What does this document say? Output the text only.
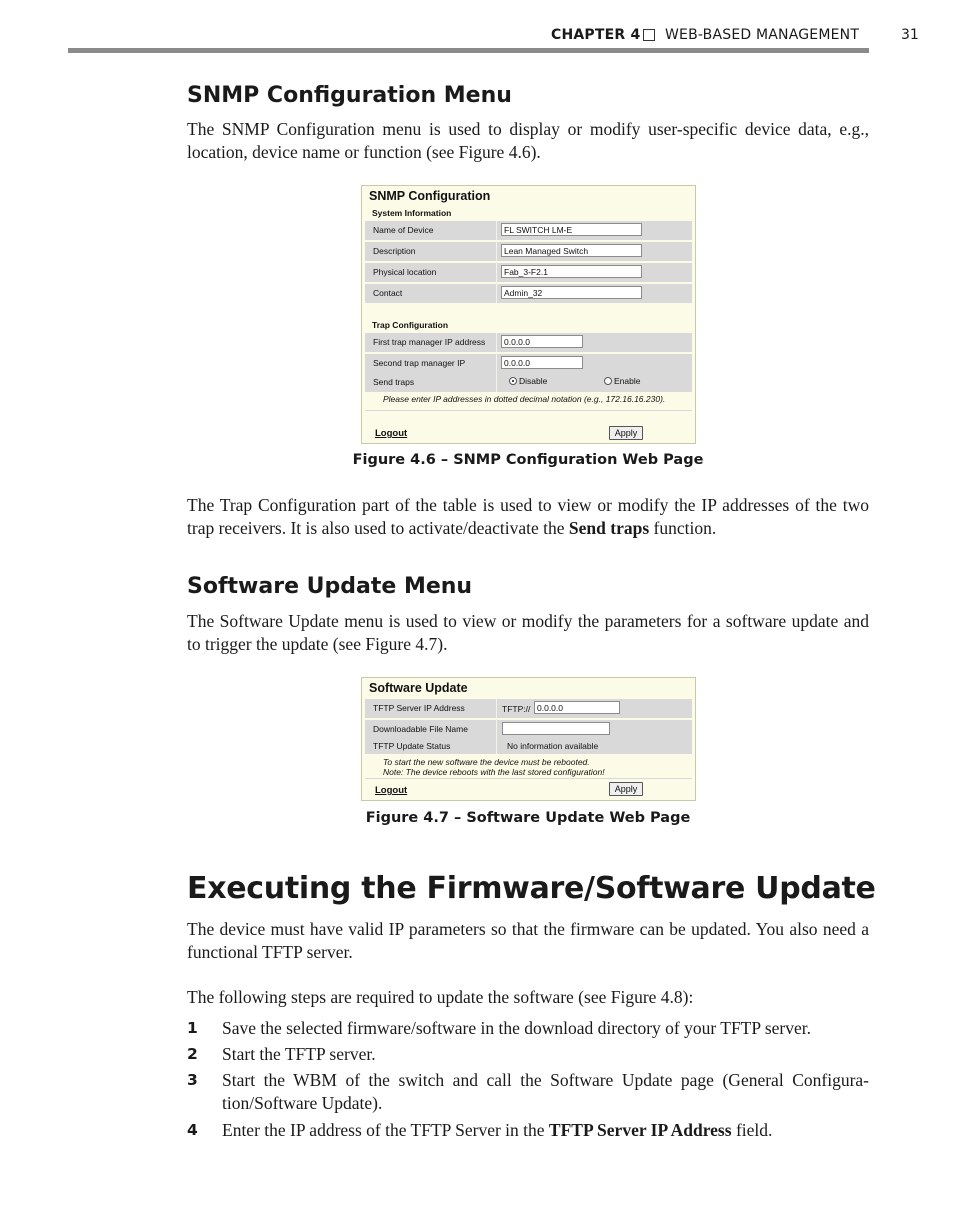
CHAPTER 4 WEB-BASED MANAGEMENT	31
SNMP Configuration Menu
The SNMP Configuration menu is used to display or modify user-specific device data, e.g., location, device name or function (see Figure 4.6).
SNMP Configuration
System Information
Name of Device	FL SWITCH LM-E
Description	Lean Managed Switch
Physical location	Fab_3-F2.1
Contact	Admin_32
Trap Configuration
First trap manager IP address	0.0.0.0
Second trap manager IP	0.0.0.0
Send traps	Disable	Enable
Please enter IP addresses in dotted decimal notation (e.g., 172.16.16.230).
Logout	Apply
Figure 4.6 – SNMP Configuration Web Page
The Trap Configuration part of the table is used to view or modify the IP addresses of the two trap receivers. It is also used to activate/deactivate the Send traps function.
Software Update Menu
The Software Update menu is used to view or modify the parameters for a software update and to trigger the update (see Figure 4.7).
Software Update
TFTP Server IP Address	TFTP:// 0.0.0.0
Downloadable File Name
TFTP Update Status	No information available
To start the new software the device must be rebooted.
Note: The device reboots with the last stored configuration!
Logout	Apply
Figure 4.7 – Software Update Web Page
Executing the Firmware/Software Update
The device must have valid IP parameters so that the firmware can be updated. You also need a functional TFTP server.
The following steps are required to update the software (see Figure 4.8):
1 Save the selected firmware/software in the download directory of your TFTP server.
2 Start the TFTP server.
3 Start the WBM of the switch and call the Software Update page (General Configura-tion/Software Update).
4 Enter the IP address of the TFTP Server in the TFTP Server IP Address field.
